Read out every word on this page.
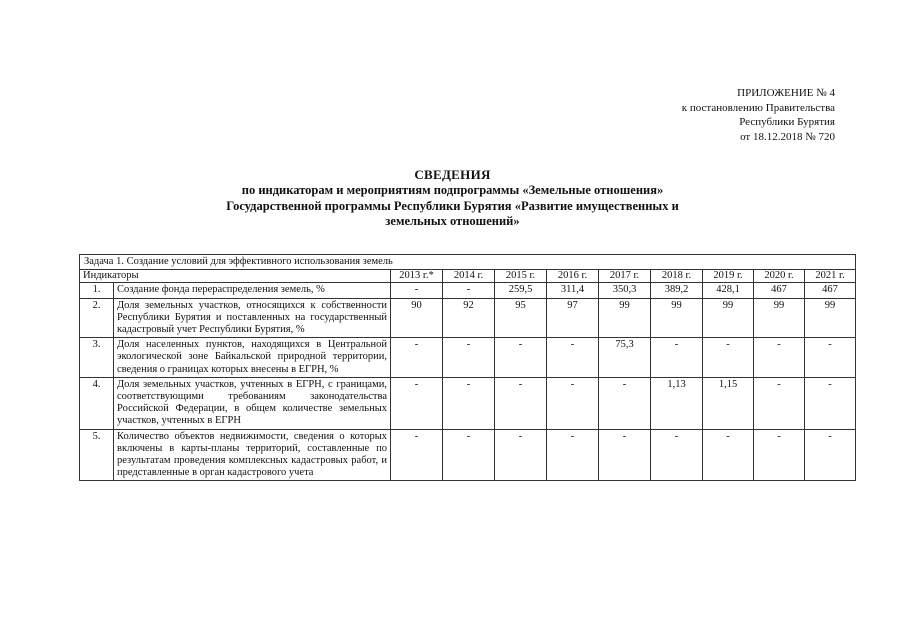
ПРИЛОЖЕНИЕ № 4
к постановлению Правительства
Республики Бурятия
от 18.12.2018 № 720
СВЕДЕНИЯ
по индикаторам и мероприятиям подпрограммы «Земельные отношения»
Государственной программы Республики Бурятия «Развитие имущественных и
земельных отношений»
Задача 1. Создание условий для эффективного использования земель										
Индикаторы		2013 г.*	2014 г.	2015 г.	2016 г.	2017 г.	2018 г.	2019 г.	2020 г.	2021 г.
1.	Создание фонда перераспределения земель, %	-	-	259,5	311,4	350,3	389,2	428,1	467	467
2.	Доля земельных участков, относящихся к собственности Республики Бурятия и поставленных на государственный кадастровый учет Республики Бурятия, %	90	92	95	97	99	99	99	99	99
3.	Доля населенных пунктов, находящихся в Центральной экологической зоне Байкальской природной территории, сведения о границах которых внесены в ЕГРН, %	-	-	-	-	75,3	-	-	-	-
4.	Доля земельных участков, учтенных в ЕГРН, с границами, соответствующими требованиям законодательства Российской Федерации, в общем количестве земельных участков, учтенных в ЕГРН	-	-	-	-	-	1,13	1,15	-	-
5.	Количество объектов недвижимости, сведения о которых включены в карты-планы территорий, составленные по результатам проведения комплексных кадастровых работ, и представленные в орган кадастрового учета	-	-	-	-	-	-	-	-	-
